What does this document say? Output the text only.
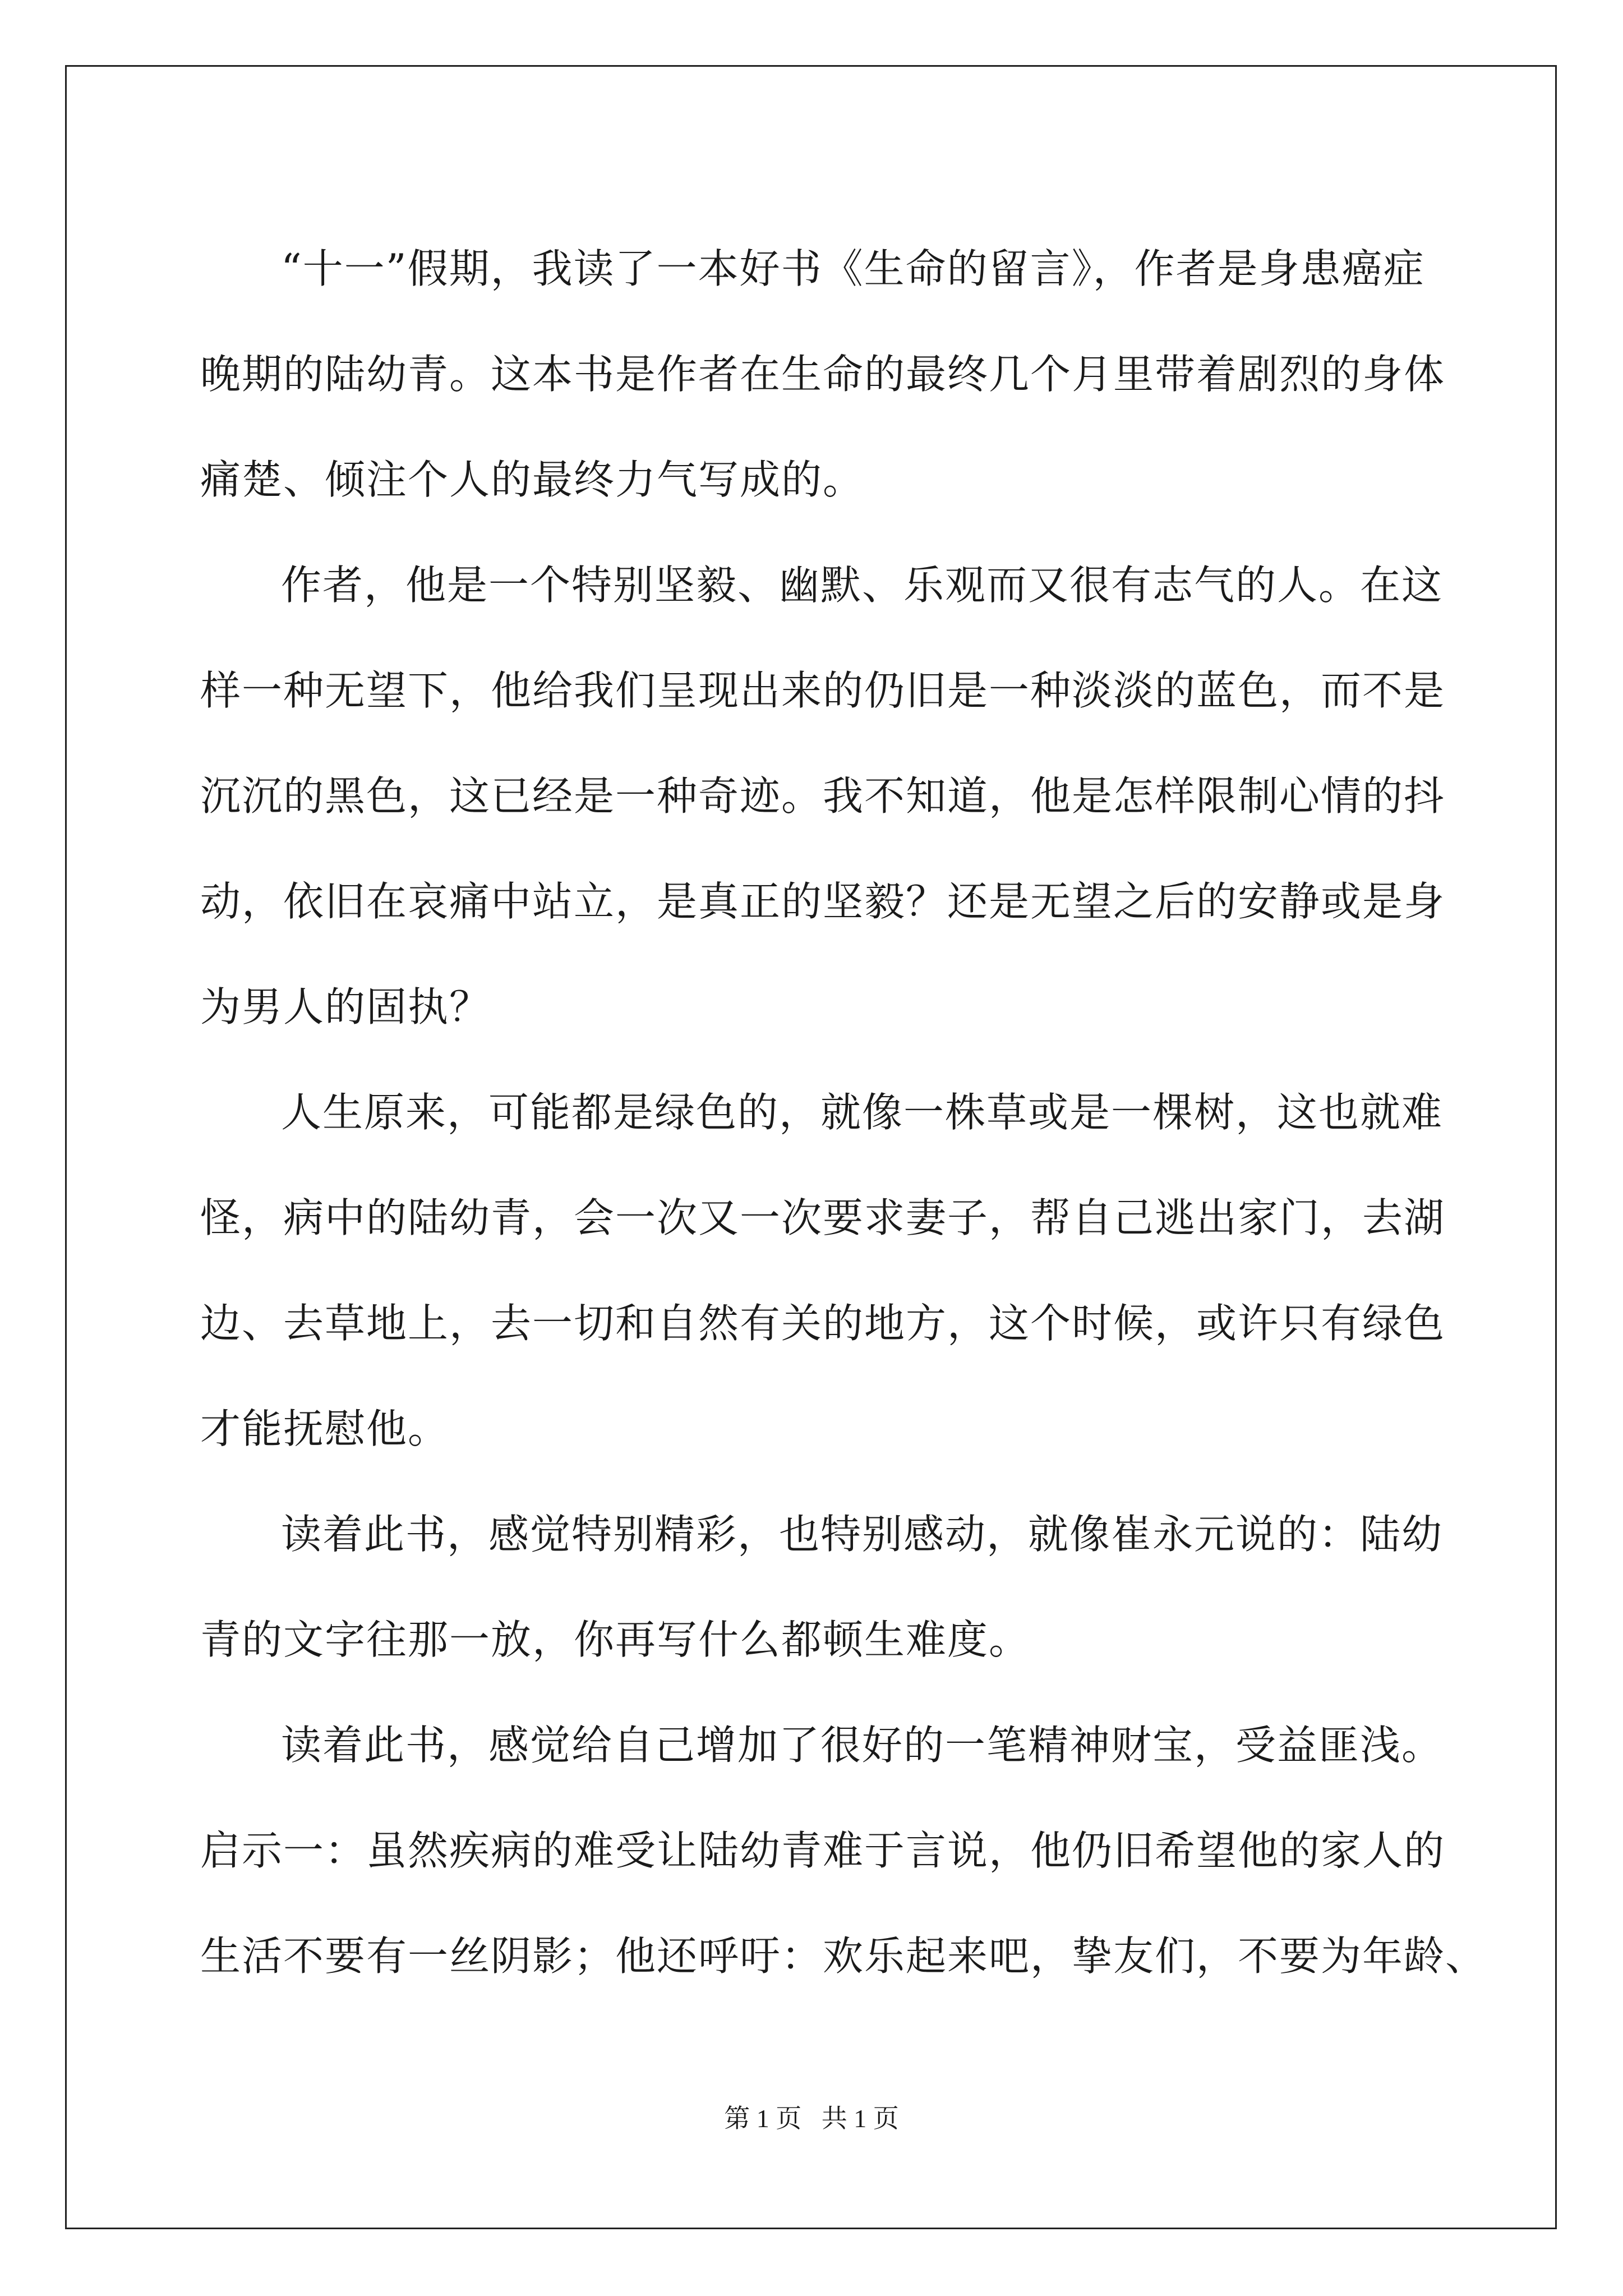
“十一”假期，我读了一本好书《生命的留言》，作者是身患癌症
晚期的陆幼青。这本书是作者在生命的最终几个月里带着剧烈的身体
痛楚、倾注个人的最终力气写成的。
作者，他是一个特别坚毅、幽默、乐观而又很有志气的人。在这
样一种无望下，他给我们呈现出来的仍旧是一种淡淡的蓝色，而不是
沉沉的黑色，这已经是一种奇迹。我不知道，他是怎样限制心情的抖
动，依旧在哀痛中站立，是真正的坚毅？还是无望之后的安静或是身
为男人的固执？
人生原来，可能都是绿色的，就像一株草或是一棵树，这也就难
怪，病中的陆幼青，会一次又一次要求妻子，帮自己逃出家门，去湖
边、去草地上，去一切和自然有关的地方，这个时候，或许只有绿色
才能抚慰他。
读着此书，感觉特别精彩，也特别感动，就像崔永元说的：陆幼
青的文字往那一放，你再写什么都顿生难度。
读着此书，感觉给自己增加了很好的一笔精神财宝，受益匪浅。
启示一：虽然疾病的难受让陆幼青难于言说，他仍旧希望他的家人的
生活不要有一丝阴影；他还呼吁：欢乐起来吧，挚友们，不要为年龄、
第 1 页 共 1 页
